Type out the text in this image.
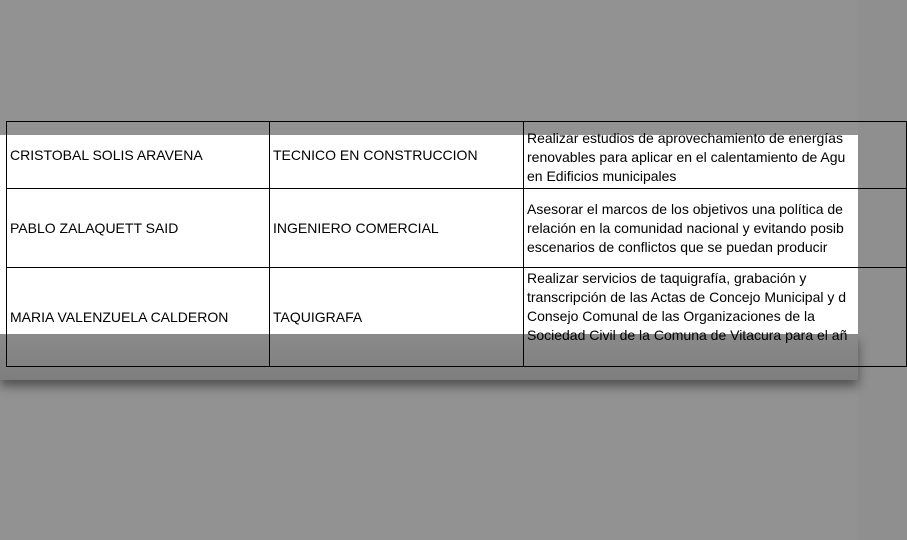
CRISTOBAL SOLIS ARAVENA	TECNICO EN CONSTRUCCION	Realizar estudios de aprovechamiento de energías
renovables para aplicar en el calentamiento de Agu
en Edificios municipales

PABLO ZALAQUETT SAID	INGENIERO COMERCIAL	Asesorar el marcos de los objetivos una política de
relación en la comunidad nacional y evitando posib
escenarios de conflictos que se puedan producir

MARIA VALENZUELA CALDERON	TAQUIGRAFA	Realizar servicios de taquigrafía, grabación y
transcripción de las Actas de Concejo Municipal y d
Consejo Comunal de las Organizaciones de la
Sociedad Civil de la Comuna de Vitacura para el añ
